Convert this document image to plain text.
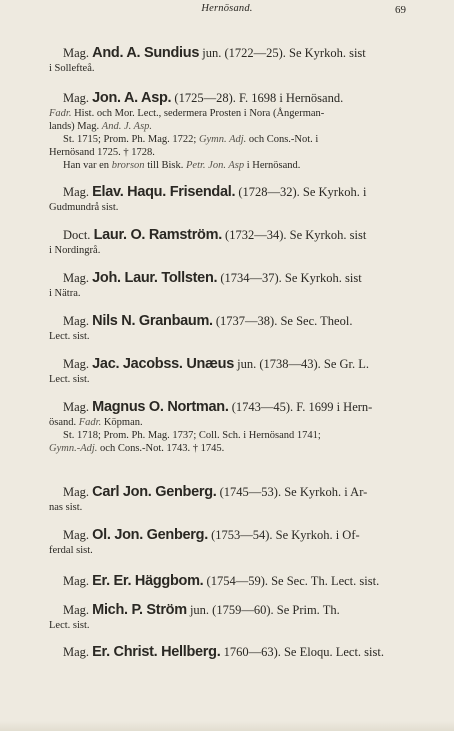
Hernösand.	69
Mag. And. A. Sundius jun. (1722—25). Se Kyrkoh. sist
i Sollefteå.
Mag. Jon. A. Asp. (1725—28). F. 1698 i Hernösand.
Fadr. Hist. och Mor. Lect., sedermera Prosten i Nora (Ångerman-
lands) Mag. And. J. Asp.
St. 1715; Prom. Ph. Mag. 1722; Gymn. Adj. och Cons.-Not. i
Hernösand 1725. † 1728.
Han var en brorson till Bisk. Petr. Jon. Asp i Hernösand.
Mag. Elav. Haqu. Frisendal. (1728—32). Se Kyrkoh. i
Gudmundrå sist.
Doct. Laur. O. Ramström. (1732—34). Se Kyrkoh. sist
i Nordingrå.
Mag. Joh. Laur. Tollsten. (1734—37). Se Kyrkoh. sist
i Nätra.
Mag. Nils N. Granbaum. (1737—38). Se Sec. Theol.
Lect. sist.
Mag. Jac. Jacobss. Unæus jun. (1738—43). Se Gr. L.
Lect. sist.
Mag. Magnus O. Nortman. (1743—45). F. 1699 i Hern-
ösand. Fadr. Köpman.
St. 1718; Prom. Ph. Mag. 1737; Coll. Sch. i Hernösand 1741;
Gymn.-Adj. och Cons.-Not. 1743. † 1745.
Mag. Carl Jon. Genberg. (1745—53). Se Kyrkoh. i Ar-
nas sist.
Mag. Ol. Jon. Genberg. (1753—54). Se Kyrkoh. i Of-
ferdal sist.
Mag. Er. Er. Häggbom. (1754—59). Se Sec. Th. Lect. sist.
Mag. Mich. P. Ström jun. (1759—60). Se Prim. Th.
Lect. sist.
Mag. Er. Christ. Hellberg. 1760—63). Se Eloqu. Lect. sist.
